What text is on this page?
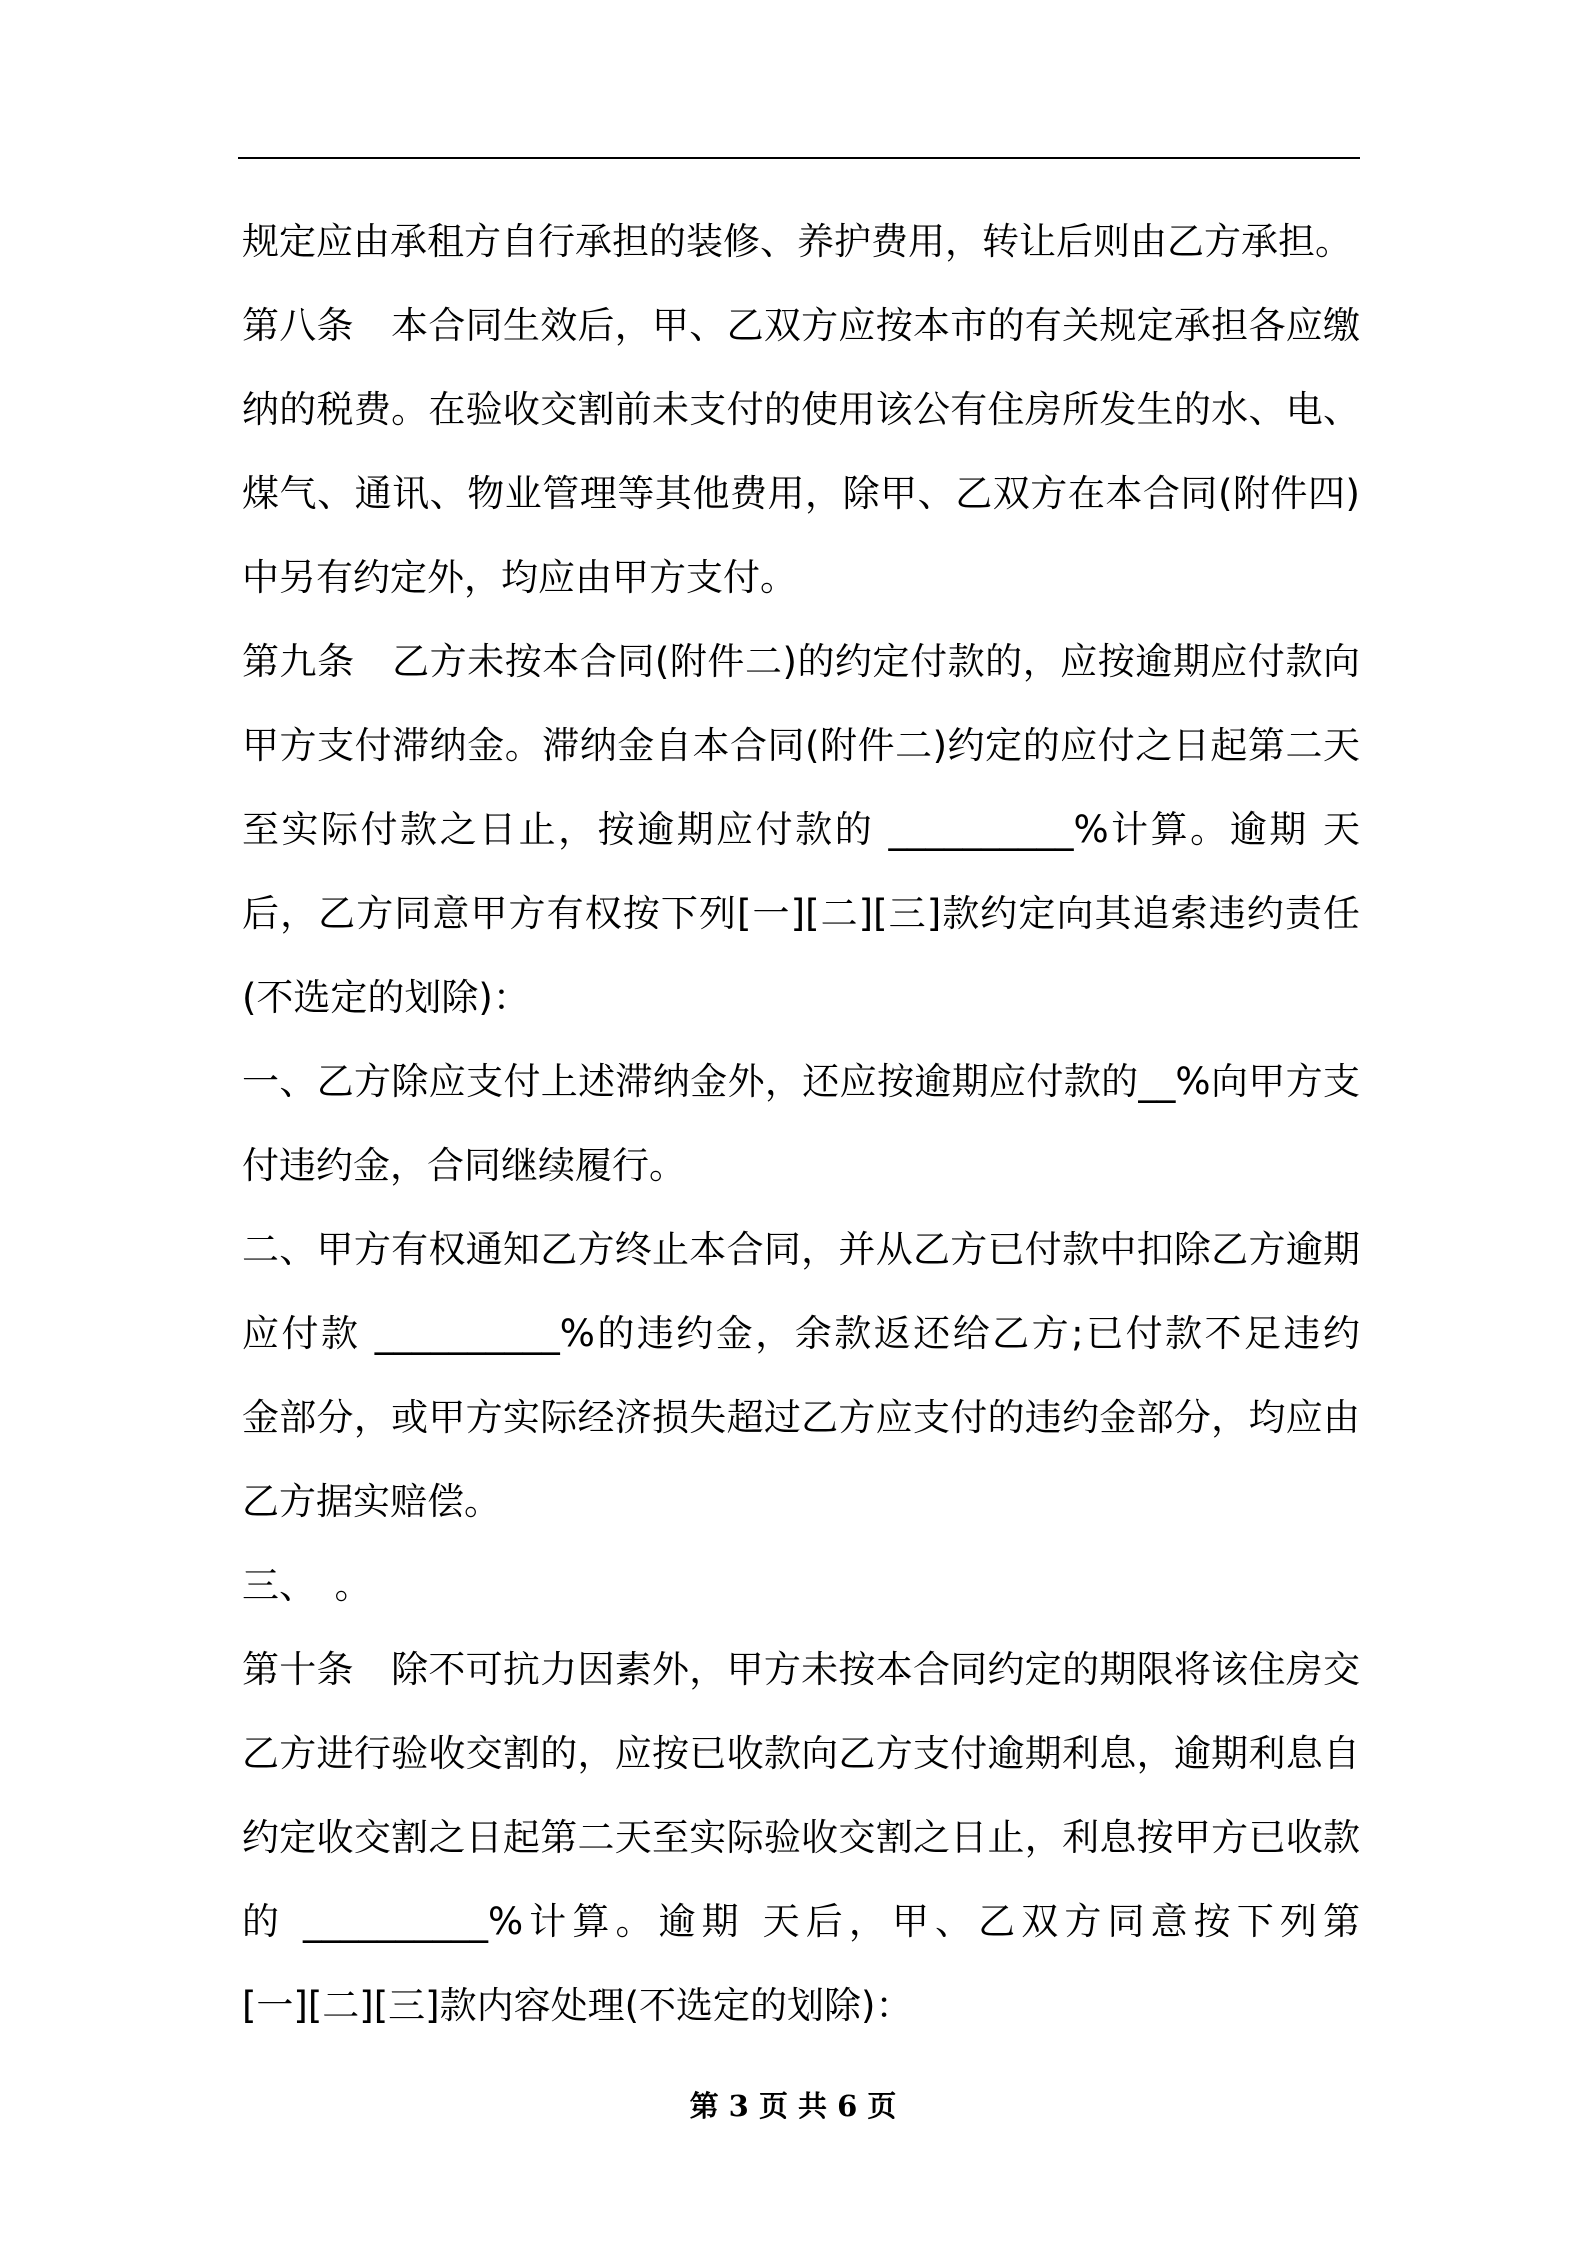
规定应由承租方自行承担的装修、养护费用，转让后则由乙方承担。
第八条　本合同生效后，甲、乙双方应按本市的有关规定承担各应缴
纳的税费。在验收交割前未支付的使用该公有住房所发生的水、电、
煤气、通讯、物业管理等其他费用，除甲、乙双方在本合同(附件四)
中另有约定外，均应由甲方支付。
第九条　乙方未按本合同(附件二)的约定付款的，应按逾期应付款向
甲方支付滞纳金。滞纳金自本合同(附件二)约定的应付之日起第二天
至实际付款之日止，按逾期应付款的 __________%计算。逾期 天
后，乙方同意甲方有权按下列[一][二][三]款约定向其追索违约责任
(不选定的划除)：
一、乙方除应支付上述滞纳金外，还应按逾期应付款的__%向甲方支
付违约金，合同继续履行。
二、甲方有权通知乙方终止本合同，并从乙方已付款中扣除乙方逾期
应付款 __________%的违约金，余款返还给乙方;已付款不足违约
金部分，或甲方实际经济损失超过乙方应支付的违约金部分，均应由
乙方据实赔偿。
三、　。
第十条　除不可抗力因素外，甲方未按本合同约定的期限将该住房交
乙方进行验收交割的，应按已收款向乙方支付逾期利息，逾期利息自
约定收交割之日起第二天至实际验收交割之日止，利息按甲方已收款
的 __________%计算。逾期 天后，甲、乙双方同意按下列第
[一][二][三]款内容处理(不选定的划除)：
第 3 页 共 6 页
